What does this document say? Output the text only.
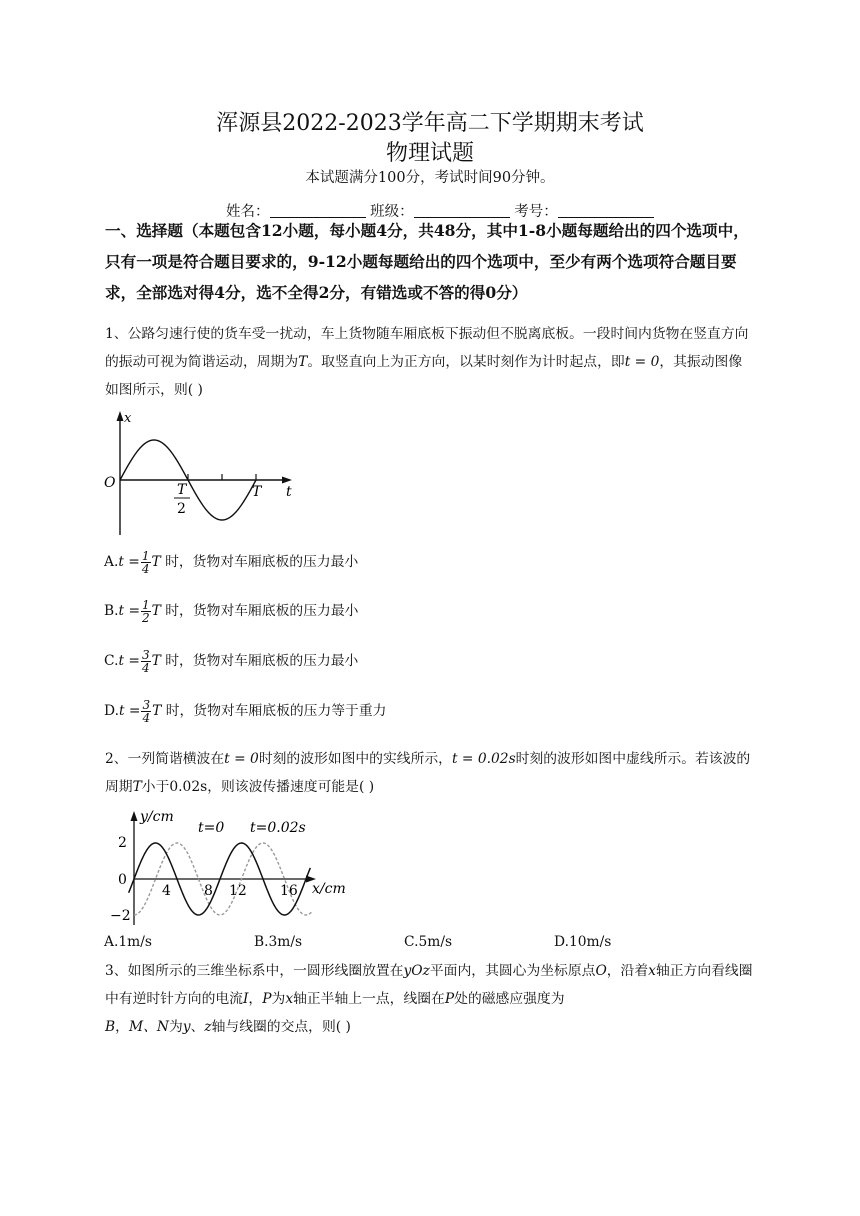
浑源县2022-2023学年高二下学期期末考试
物理试题
本试题满分100分，考试时间90分钟。
姓名：	班级：	考号：
一、选择题（本题包含12小题，每小题4分，共48分，其中1-8小题每题给出的四个选项中，只有一项是符合题目要求的，9-12小题每题给出的四个选项中，至少有两个选项符合题目要求，全部选对得4分，选不全得2分，有错选或不答的得0分）
1、公路匀速行使的货车受一扰动，车上货物随车厢底板下振动但不脱离底板。一段时间内货物在竖直方向的振动可视为简谐运动，周期为T。取竖直向上为正方向，以某时刻作为计时起点，即t = 0，其振动图像如图所示，则( )
x
O
t
T
2
T
$A.t = \frac{1}{4}$ T 时，货物对车厢底板的压力最小
$B.t = \frac{1}{2}$ T 时，货物对车厢底板的压力最小
$C.t = \frac{3}{4}$ T 时，货物对车厢底板的压力最小
$D.t = \frac{3}{4}$ T 时，货物对车厢底板的压力等于重力
2、一列简谐横波在t = 0时刻的波形如图中的实线所示，t = 0.02s时刻的波形如图中虚线所示。若该波的周期T小于0.02s，则该波传播速度可能是( )
y/cm
x/cm
t=0 t=0.02s
2
0
−2
4 8 12 16
A.1m/s	B.3m/s	C.5m/s	D.10m/s
3、如图所示的三维坐标系中，一圆形线圈放置在yOz平面内，其圆心为坐标原点O，沿着x轴正方向看线圈中有逆时针方向的电流I，P为x轴正半轴上一点，线圈在P处的磁感应强度为
B，M、N为y、z轴与线圈的交点，则( )
